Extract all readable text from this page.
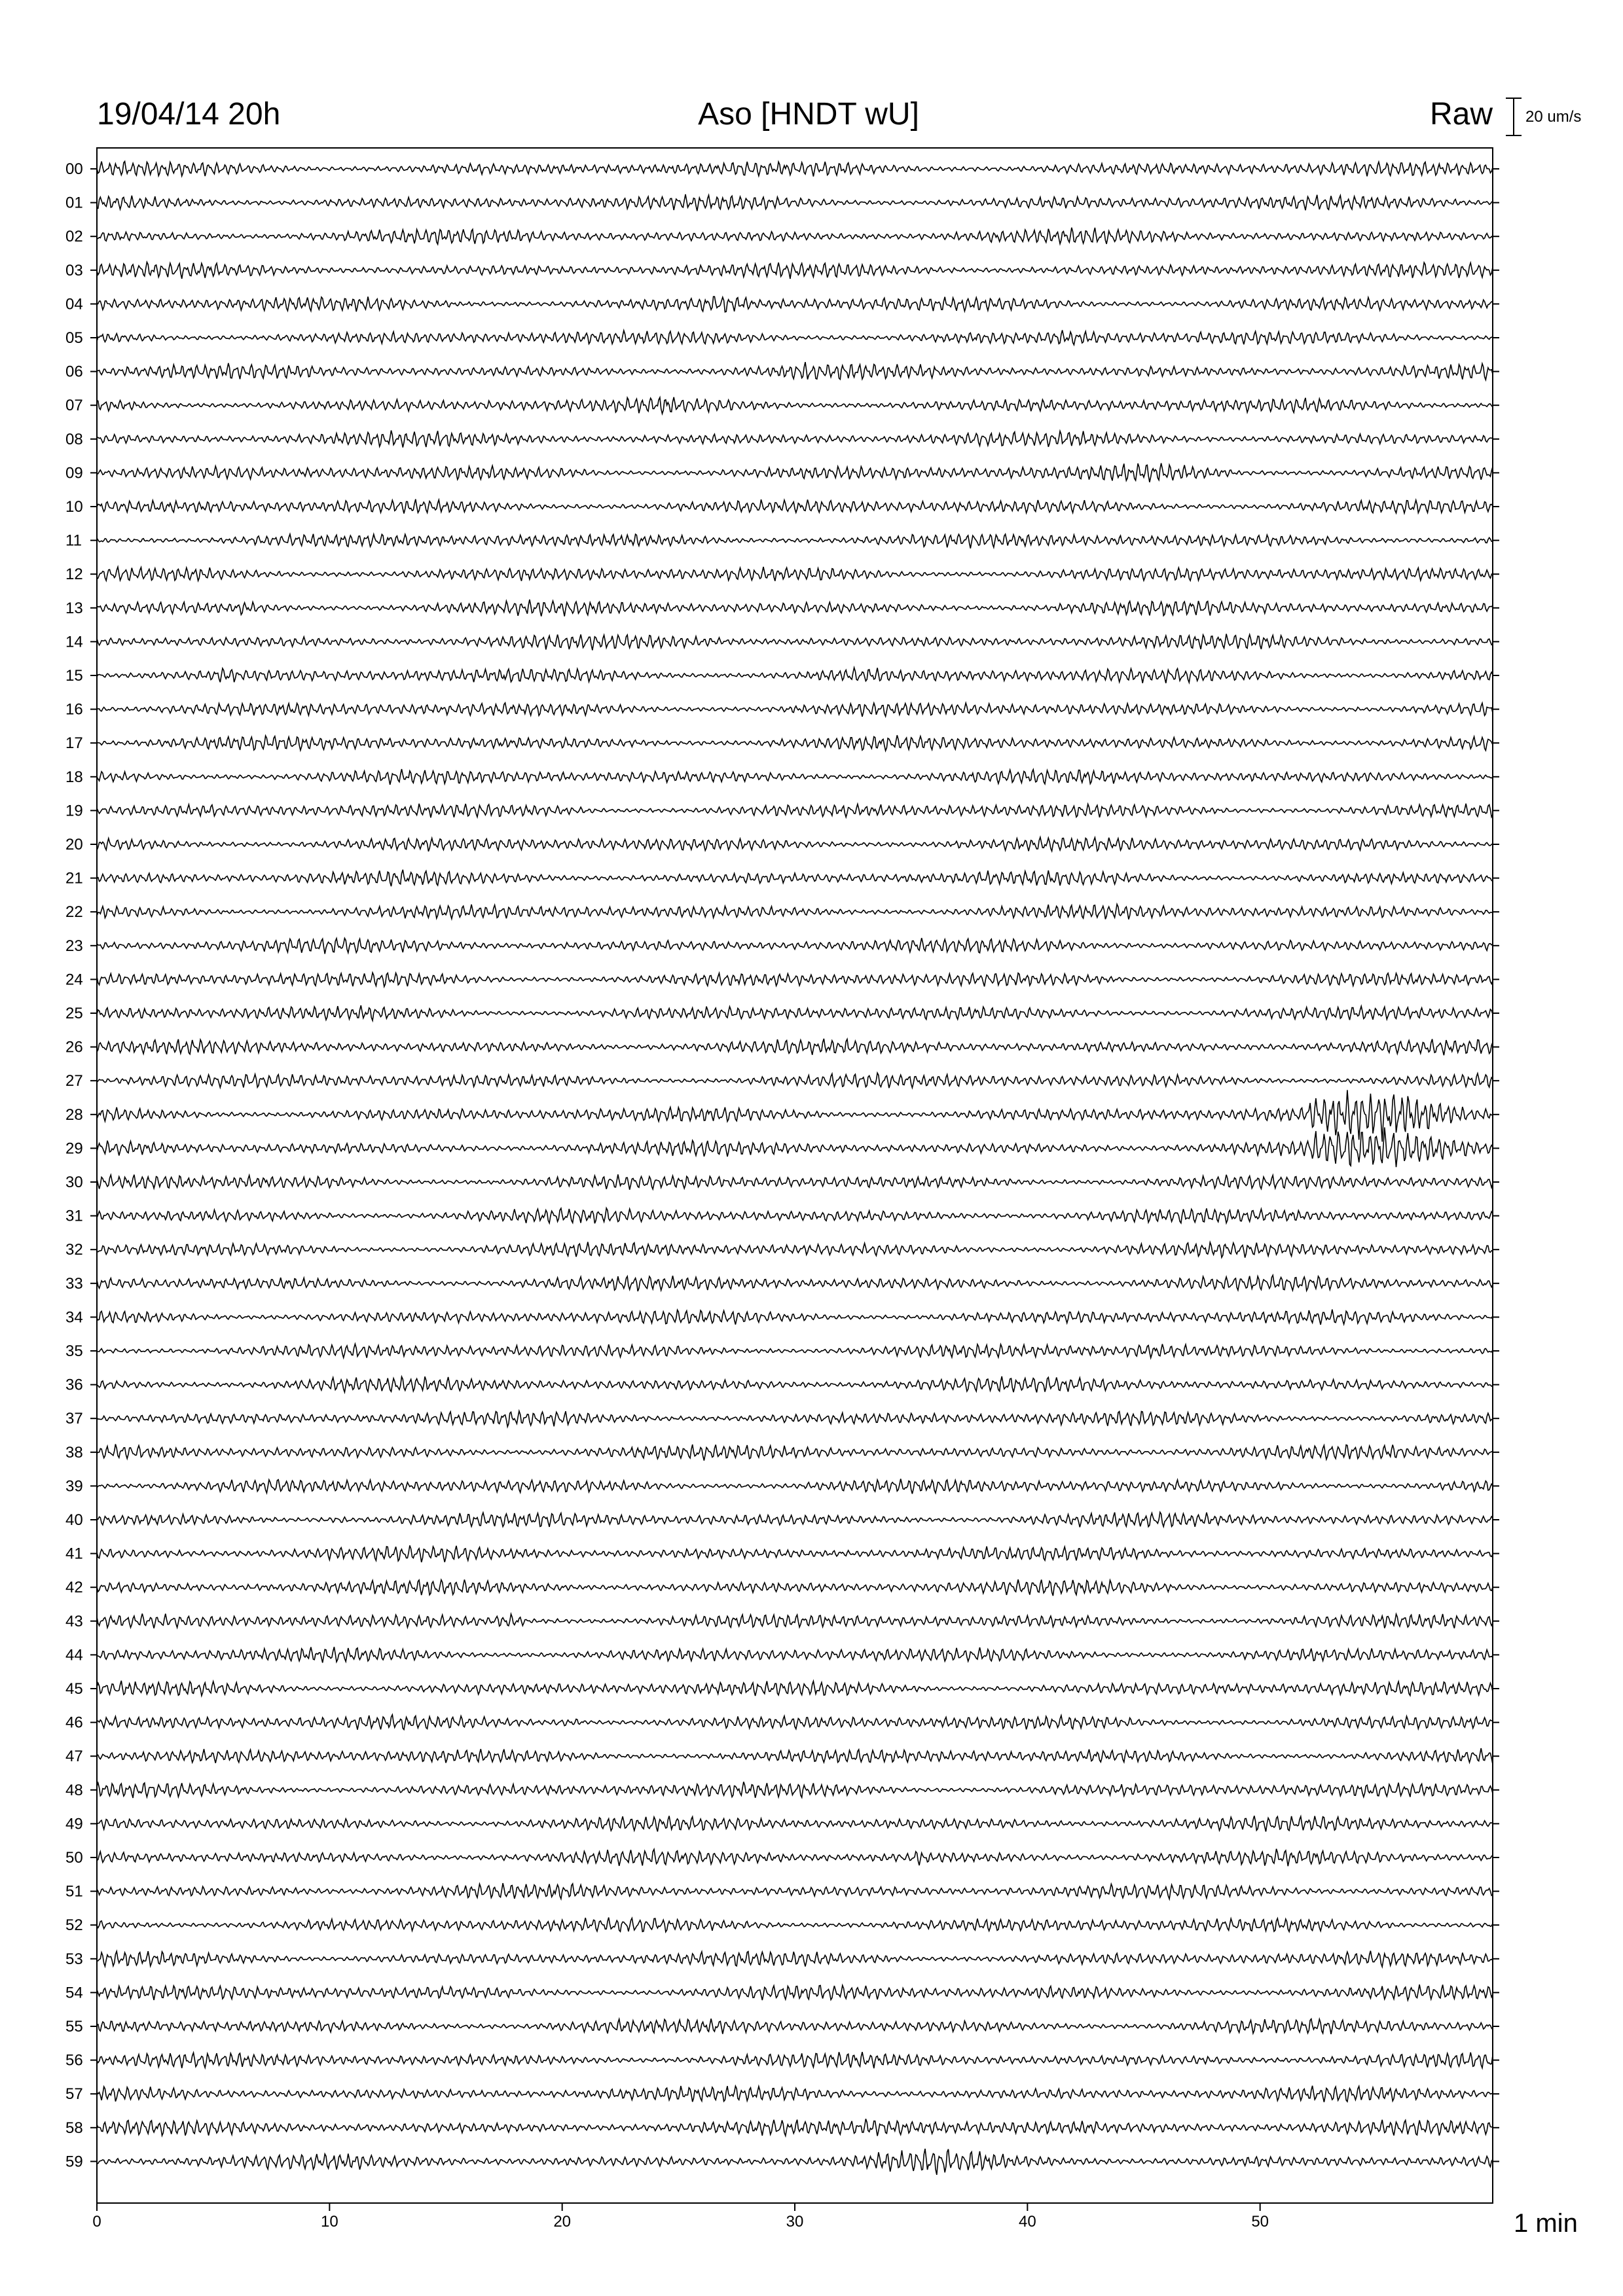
19/04/14 20h	Aso [HNDT wU]	Raw 20 um/s
00
01
02
03
04
05
06
07
08
09
10
11
12
13
14
15
16
17
18
19
20
21
22
23
24
25
26
27
28
29
30
31
32
33
34
35
36
37
38
39
40
41
42
43
44
45
46
47
48
49
50
51
52
53
54
55
56
57
58
59
0	10	20	30	40	50	1 min
